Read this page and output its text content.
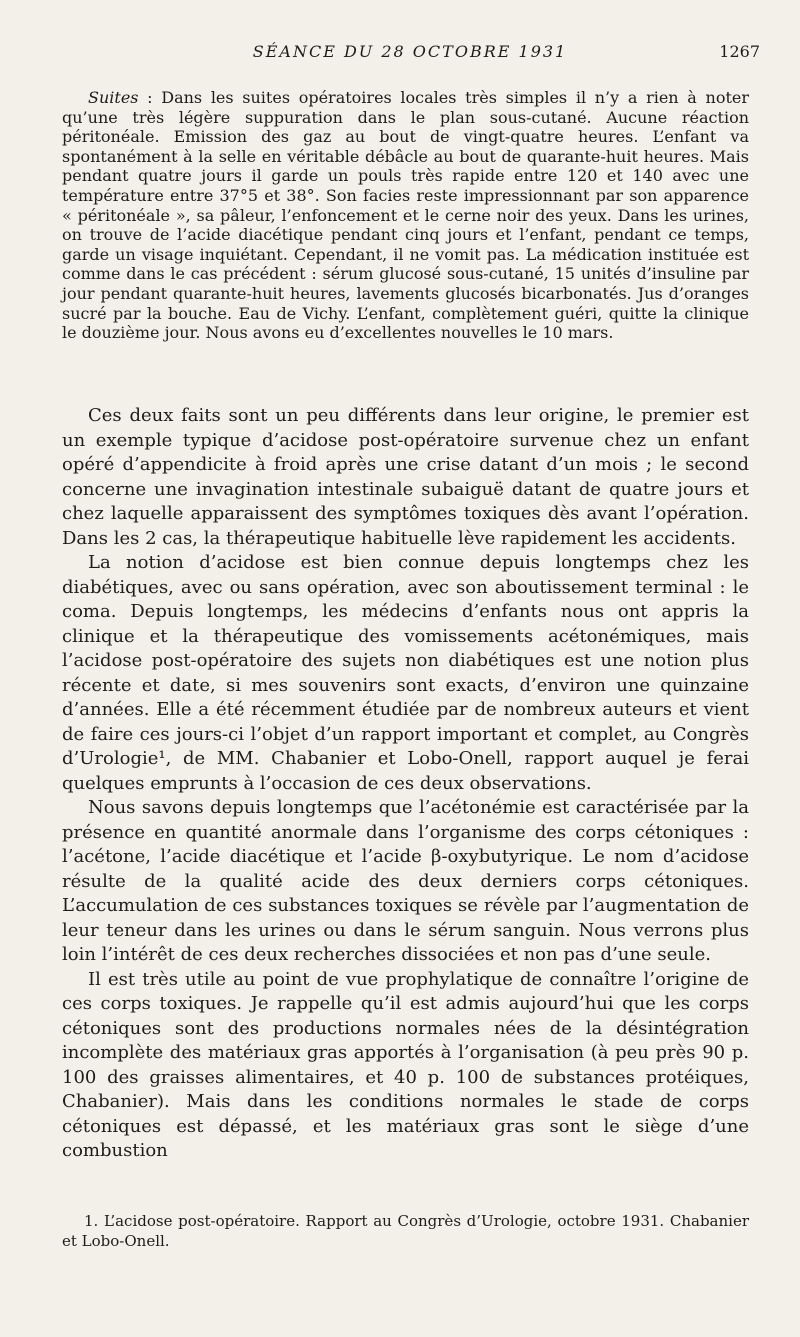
SÉANCE DU 28 OCTOBRE 1931	1267

Suites : Dans les suites opératoires locales très simples il n’y a rien à noter qu’une très légère suppuration dans le plan sous-cutané. Aucune réaction péritonéale. Emission des gaz au bout de vingt-quatre heures. L’enfant va spontanément à la selle en véritable débâcle au bout de quarante-huit heures. Mais pendant quatre jours il garde un pouls très rapide entre 120 et 140 avec une température entre 37°5 et 38°. Son facies reste impressionnant par son apparence « péritonéale », sa pâleur, l’enfoncement et le cerne noir des yeux. Dans les urines, on trouve de l’acide diacétique pendant cinq jours et l’enfant, pendant ce temps, garde un visage inquiétant. Cependant, il ne vomit pas. La médication instituée est comme dans le cas précédent : sérum glucosé sous-cutané, 15 unités d’insuline par jour pendant quarante-huit heures, lavements glucosés bicarbonatés. Jus d’oranges sucré par la bouche. Eau de Vichy. L’enfant, complètement guéri, quitte la clinique le douzième jour. Nous avons eu d’excellentes nouvelles le 10 mars.

Ces deux faits sont un peu différents dans leur origine, le premier est un exemple typique d’acidose post-opératoire survenue chez un enfant opéré d’appendicite à froid après une crise datant d’un mois ; le second concerne une invagination intestinale subaiguë datant de quatre jours et chez laquelle apparaissent des symptômes toxiques dès avant l’opération. Dans les 2 cas, la thérapeutique habituelle lève rapidement les accidents.

La notion d’acidose est bien connue depuis longtemps chez les diabétiques, avec ou sans opération, avec son aboutissement terminal : le coma. Depuis longtemps, les médecins d’enfants nous ont appris la clinique et la thérapeutique des vomissements acétonémiques, mais l’acidose post-opératoire des sujets non diabétiques est une notion plus récente et date, si mes souvenirs sont exacts, d’environ une quinzaine d’années. Elle a été récemment étudiée par de nombreux auteurs et vient de faire ces jours-ci l’objet d’un rapport important et complet, au Congrès d’Urologie¹, de MM. Chabanier et Lobo-Onell, rapport auquel je ferai quelques emprunts à l’occasion de ces deux observations.

Nous savons depuis longtemps que l’acétonémie est caractérisée par la présence en quantité anormale dans l’organisme des corps cétoniques : l’acétone, l’acide diacétique et l’acide β-oxybutyrique. Le nom d’acidose résulte de la qualité acide des deux derniers corps cétoniques. L’accumulation de ces substances toxiques se révèle par l’augmentation de leur teneur dans les urines ou dans le sérum sanguin. Nous verrons plus loin l’intérêt de ces deux recherches dissociées et non pas d’une seule.

Il est très utile au point de vue prophylatique de connaître l’origine de ces corps toxiques. Je rappelle qu’il est admis aujourd’hui que les corps cétoniques sont des productions normales nées de la désintégration incomplète des matériaux gras apportés à l’organisation (à peu près 90 p. 100 des graisses alimentaires, et 40 p. 100 de substances protéiques, Chabanier). Mais dans les conditions normales le stade de corps cétoniques est dépassé, et les matériaux gras sont le siège d’une combustion

1. L’acidose post-opératoire. Rapport au Congrès d’Urologie, octobre 1931. Chabanier et Lobo-Onell.
